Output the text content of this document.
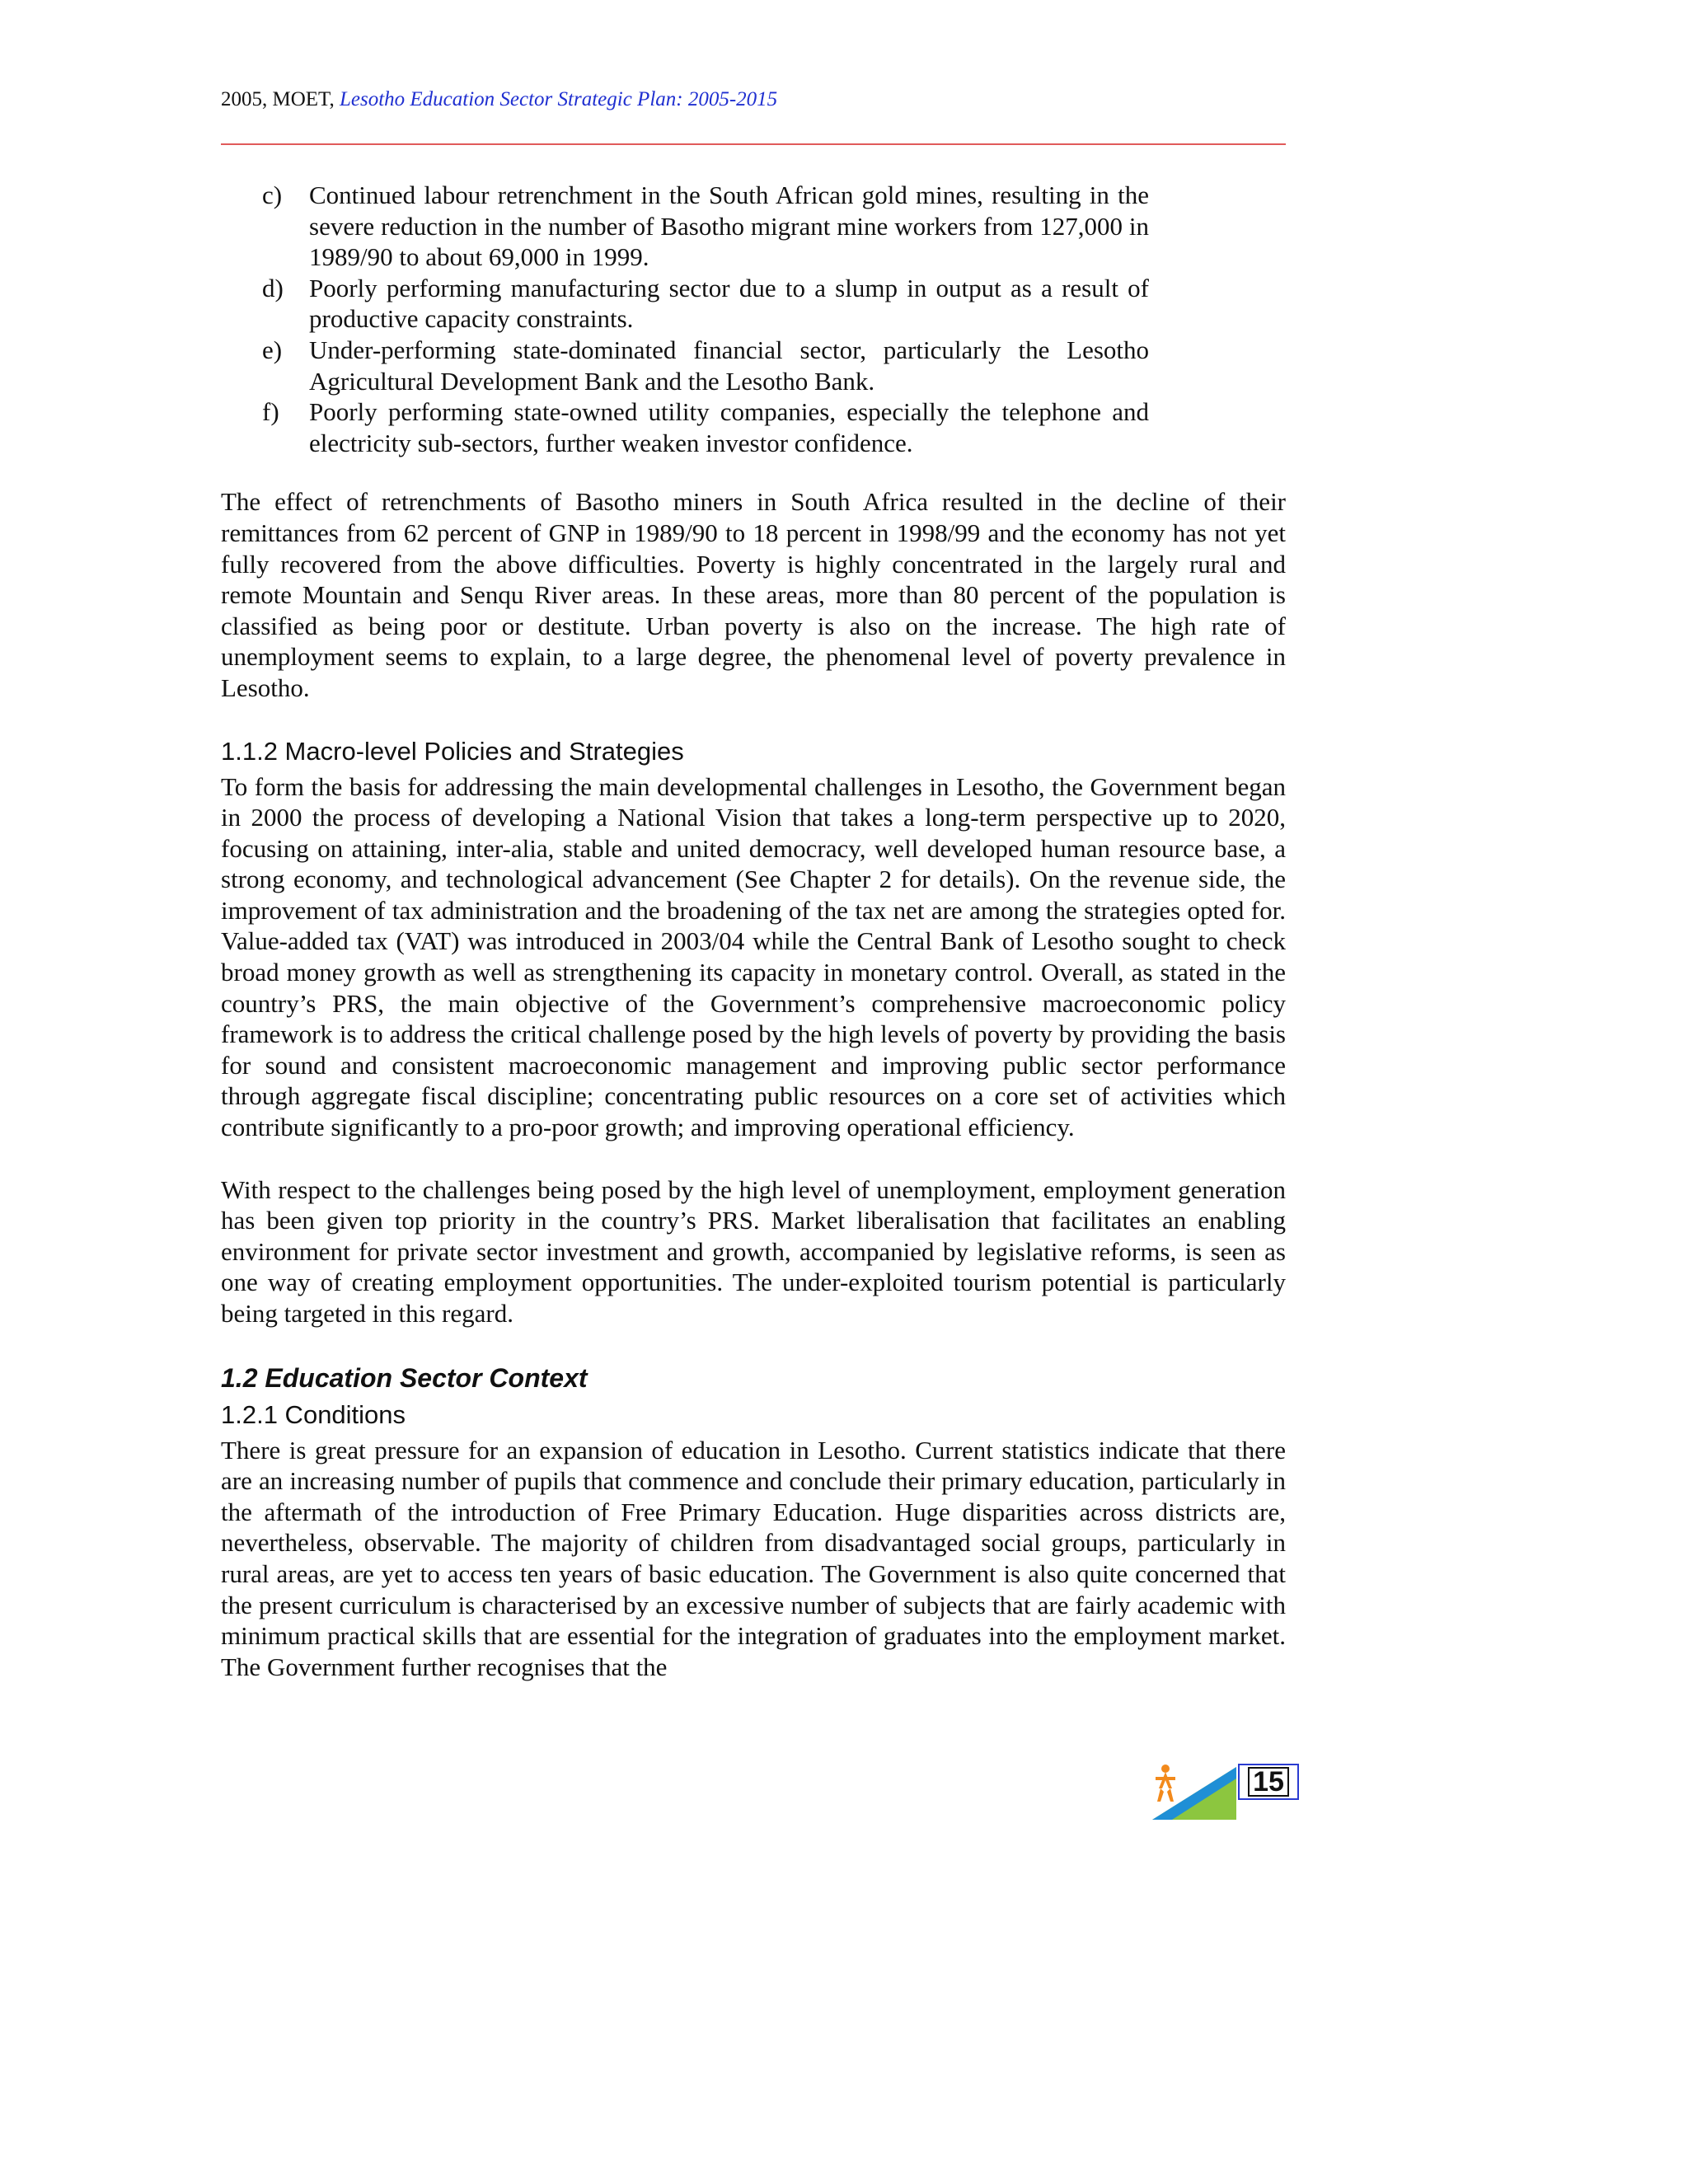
2005, MOET, Lesotho Education Sector Strategic Plan: 2005-2015
c) Continued labour retrenchment in the South African gold mines, resulting in the severe reduction in the number of Basotho migrant mine workers from 127,000 in 1989/90 to about 69,000 in 1999.
d) Poorly performing manufacturing sector due to a slump in output as a result of productive capacity constraints.
e) Under-performing state-dominated financial sector, particularly the Lesotho Agricultural Development Bank and the Lesotho Bank.
f) Poorly performing state-owned utility companies, especially the telephone and electricity sub-sectors, further weaken investor confidence.

The effect of retrenchments of Basotho miners in South Africa resulted in the decline of their remittances from 62 percent of GNP in 1989/90 to 18 percent in 1998/99 and the economy has not yet fully recovered from the above difficulties. Poverty is highly concentrated in the largely rural and remote Mountain and Senqu River areas. In these areas, more than 80 percent of the population is classified as being poor or destitute. Urban poverty is also on the increase. The high rate of unemployment seems to explain, to a large degree, the phenomenal level of poverty prevalence in Lesotho.

1.1.2 Macro-level Policies and Strategies

To form the basis for addressing the main developmental challenges in Lesotho, the Government began in 2000 the process of developing a National Vision that takes a long-term perspective up to 2020, focusing on attaining, inter-alia, stable and united democracy, well developed human resource base, a strong economy, and technological advancement (See Chapter 2 for details). On the revenue side, the improvement of tax administration and the broadening of the tax net are among the strategies opted for. Value-added tax (VAT) was introduced in 2003/04 while the Central Bank of Lesotho sought to check broad money growth as well as strengthening its capacity in monetary control. Overall, as stated in the country’s PRS, the main objective of the Government’s comprehensive macroeconomic policy framework is to address the critical challenge posed by the high levels of poverty by providing the basis for sound and consistent macroeconomic management and improving public sector performance through aggregate fiscal discipline; concentrating public resources on a core set of activities which contribute significantly to a pro-poor growth; and improving operational efficiency.

With respect to the challenges being posed by the high level of unemployment, employment generation has been given top priority in the country’s PRS. Market liberalisation that facilitates an enabling environment for private sector investment and growth, accompanied by legislative reforms, is seen as one way of creating employment opportunities. The under-exploited tourism potential is particularly being targeted in this regard.

1.2 Education Sector Context
1.2.1 Conditions

There is great pressure for an expansion of education in Lesotho. Current statistics indicate that there are an increasing number of pupils that commence and conclude their primary education, particularly in the aftermath of the introduction of Free Primary Education. Huge disparities across districts are, nevertheless, observable. The majority of children from disadvantaged social groups, particularly in rural areas, are yet to access ten years of basic education. The Government is also quite concerned that the present curriculum is characterised by an excessive number of subjects that are fairly academic with minimum practical skills that are essential for the integration of graduates into the employment market. The Government further recognises that the

15
